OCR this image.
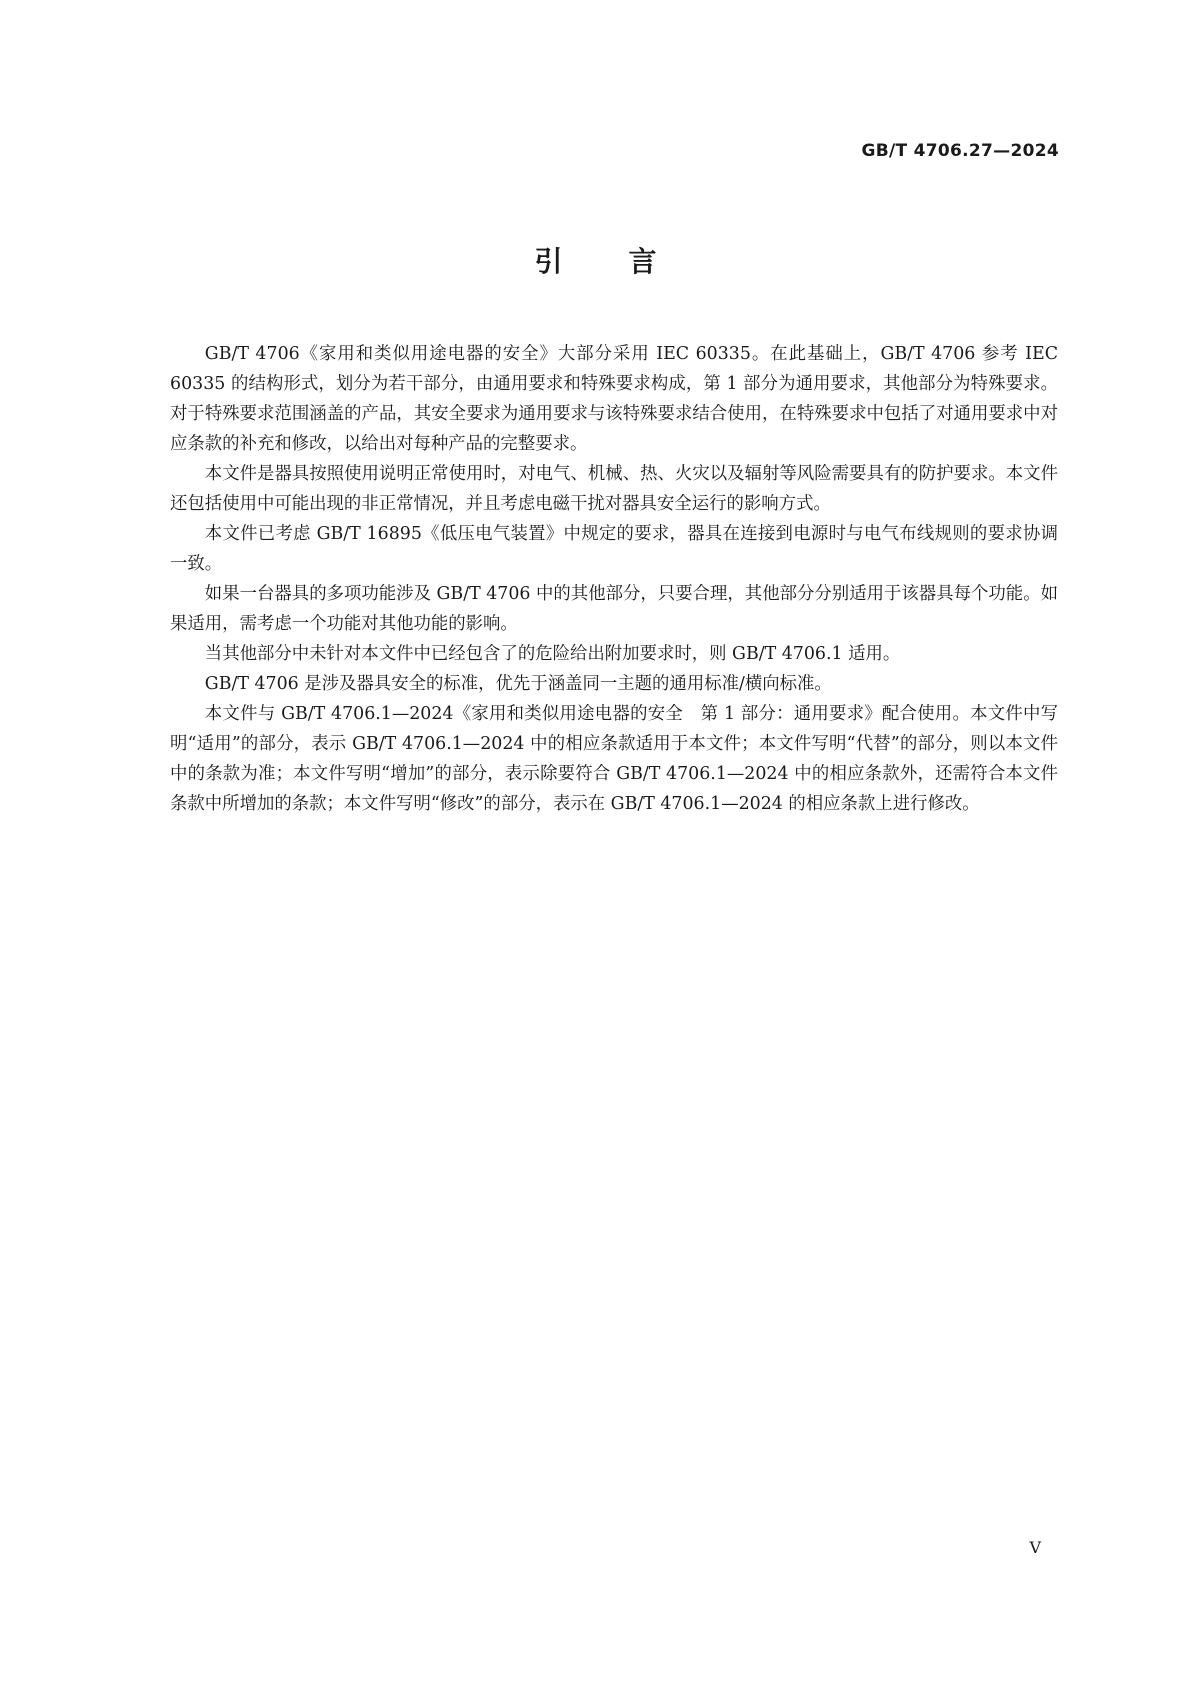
GB/T 4706.27—2024
引言

GB/T 4706《家用和类似用途电器的安全》大部分采用 IEC 60335。在此基础上，GB/T 4706 参考 IEC 60335 的结构形式，划分为若干部分，由通用要求和特殊要求构成，第 1 部分为通用要求，其他部分为特殊要求。对于特殊要求范围涵盖的产品，其安全要求为通用要求与该特殊要求结合使用，在特殊要求中包括了对通用要求中对应条款的补充和修改，以给出对每种产品的完整要求。

本文件是器具按照使用说明正常使用时，对电气、机械、热、火灾以及辐射等风险需要具有的防护要求。本文件还包括使用中可能出现的非正常情况，并且考虑电磁干扰对器具安全运行的影响方式。

本文件已考虑 GB/T 16895《低压电气装置》中规定的要求，器具在连接到电源时与电气布线规则的要求协调一致。

如果一台器具的多项功能涉及 GB/T 4706 中的其他部分，只要合理，其他部分分别适用于该器具每个功能。如果适用，需考虑一个功能对其他功能的影响。

当其他部分中未针对本文件中已经包含了的危险给出附加要求时，则 GB/T 4706.1 适用。

GB/T 4706 是涉及器具安全的标准，优先于涵盖同一主题的通用标准/横向标准。

本文件与 GB/T 4706.1—2024《家用和类似用途电器的安全　第 1 部分：通用要求》配合使用。本文件中写明“适用”的部分，表示 GB/T 4706.1—2024 中的相应条款适用于本文件；本文件写明“代替”的部分，则以本文件中的条款为准；本文件写明“增加”的部分，表示除要符合 GB/T 4706.1—2024 中的相应条款外，还需符合本文件条款中所增加的条款；本文件写明“修改”的部分，表示在 GB/T 4706.1—2024 的相应条款上进行修改。

V
